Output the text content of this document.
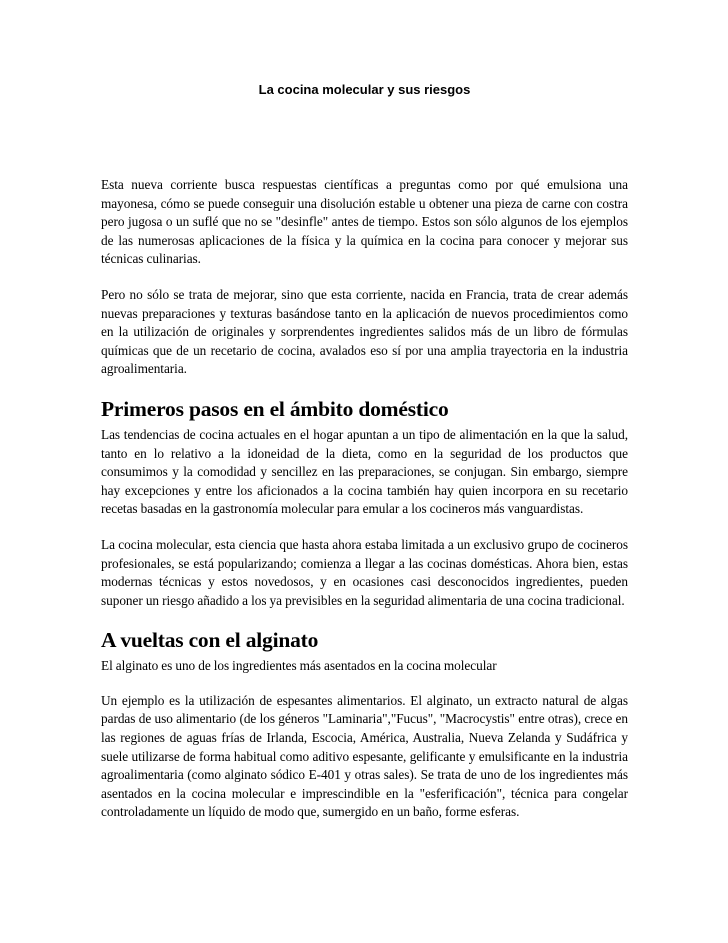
La cocina molecular y sus riesgos

Esta nueva corriente busca respuestas científicas a preguntas como por qué emulsiona una mayonesa, cómo se puede conseguir una disolución estable u obtener una pieza de carne con costra pero jugosa o un suflé que no se "desinfle" antes de tiempo. Estos son sólo algunos de los ejemplos de las numerosas aplicaciones de la física y la química en la cocina para conocer y mejorar sus técnicas culinarias.

Pero no sólo se trata de mejorar, sino que esta corriente, nacida en Francia, trata de crear además nuevas preparaciones y texturas basándose tanto en la aplicación de nuevos procedimientos como en la utilización de originales y sorprendentes ingredientes salidos más de un libro de fórmulas químicas que de un recetario de cocina, avalados eso sí por una amplia trayectoria en la industria agroalimentaria.

Primeros pasos en el ámbito doméstico

Las tendencias de cocina actuales en el hogar apuntan a un tipo de alimentación en la que la salud, tanto en lo relativo a la idoneidad de la dieta, como en la seguridad de los productos que consumimos y la comodidad y sencillez en las preparaciones, se conjugan. Sin embargo, siempre hay excepciones y entre los aficionados a la cocina también hay quien incorpora en su recetario recetas basadas en la gastronomía molecular para emular a los cocineros más vanguardistas.

La cocina molecular, esta ciencia que hasta ahora estaba limitada a un exclusivo grupo de cocineros profesionales, se está popularizando; comienza a llegar a las cocinas domésticas. Ahora bien, estas modernas técnicas y estos novedosos, y en ocasiones casi desconocidos ingredientes, pueden suponer un riesgo añadido a los ya previsibles en la seguridad alimentaria de una cocina tradicional.

A vueltas con el alginato

El alginato es uno de los ingredientes más asentados en la cocina molecular

Un ejemplo es la utilización de espesantes alimentarios. El alginato, un extracto natural de algas pardas de uso alimentario (de los géneros "Laminaria","Fucus", "Macrocystis" entre otras), crece en las regiones de aguas frías de Irlanda, Escocia, América, Australia, Nueva Zelanda y Sudáfrica y suele utilizarse de forma habitual como aditivo espesante, gelificante y emulsificante en la industria agroalimentaria (como alginato sódico E-401 y otras sales). Se trata de uno de los ingredientes más asentados en la cocina molecular e imprescindible en la "esferificación", técnica para congelar controladamente un líquido de modo que, sumergido en un baño, forme esferas.
